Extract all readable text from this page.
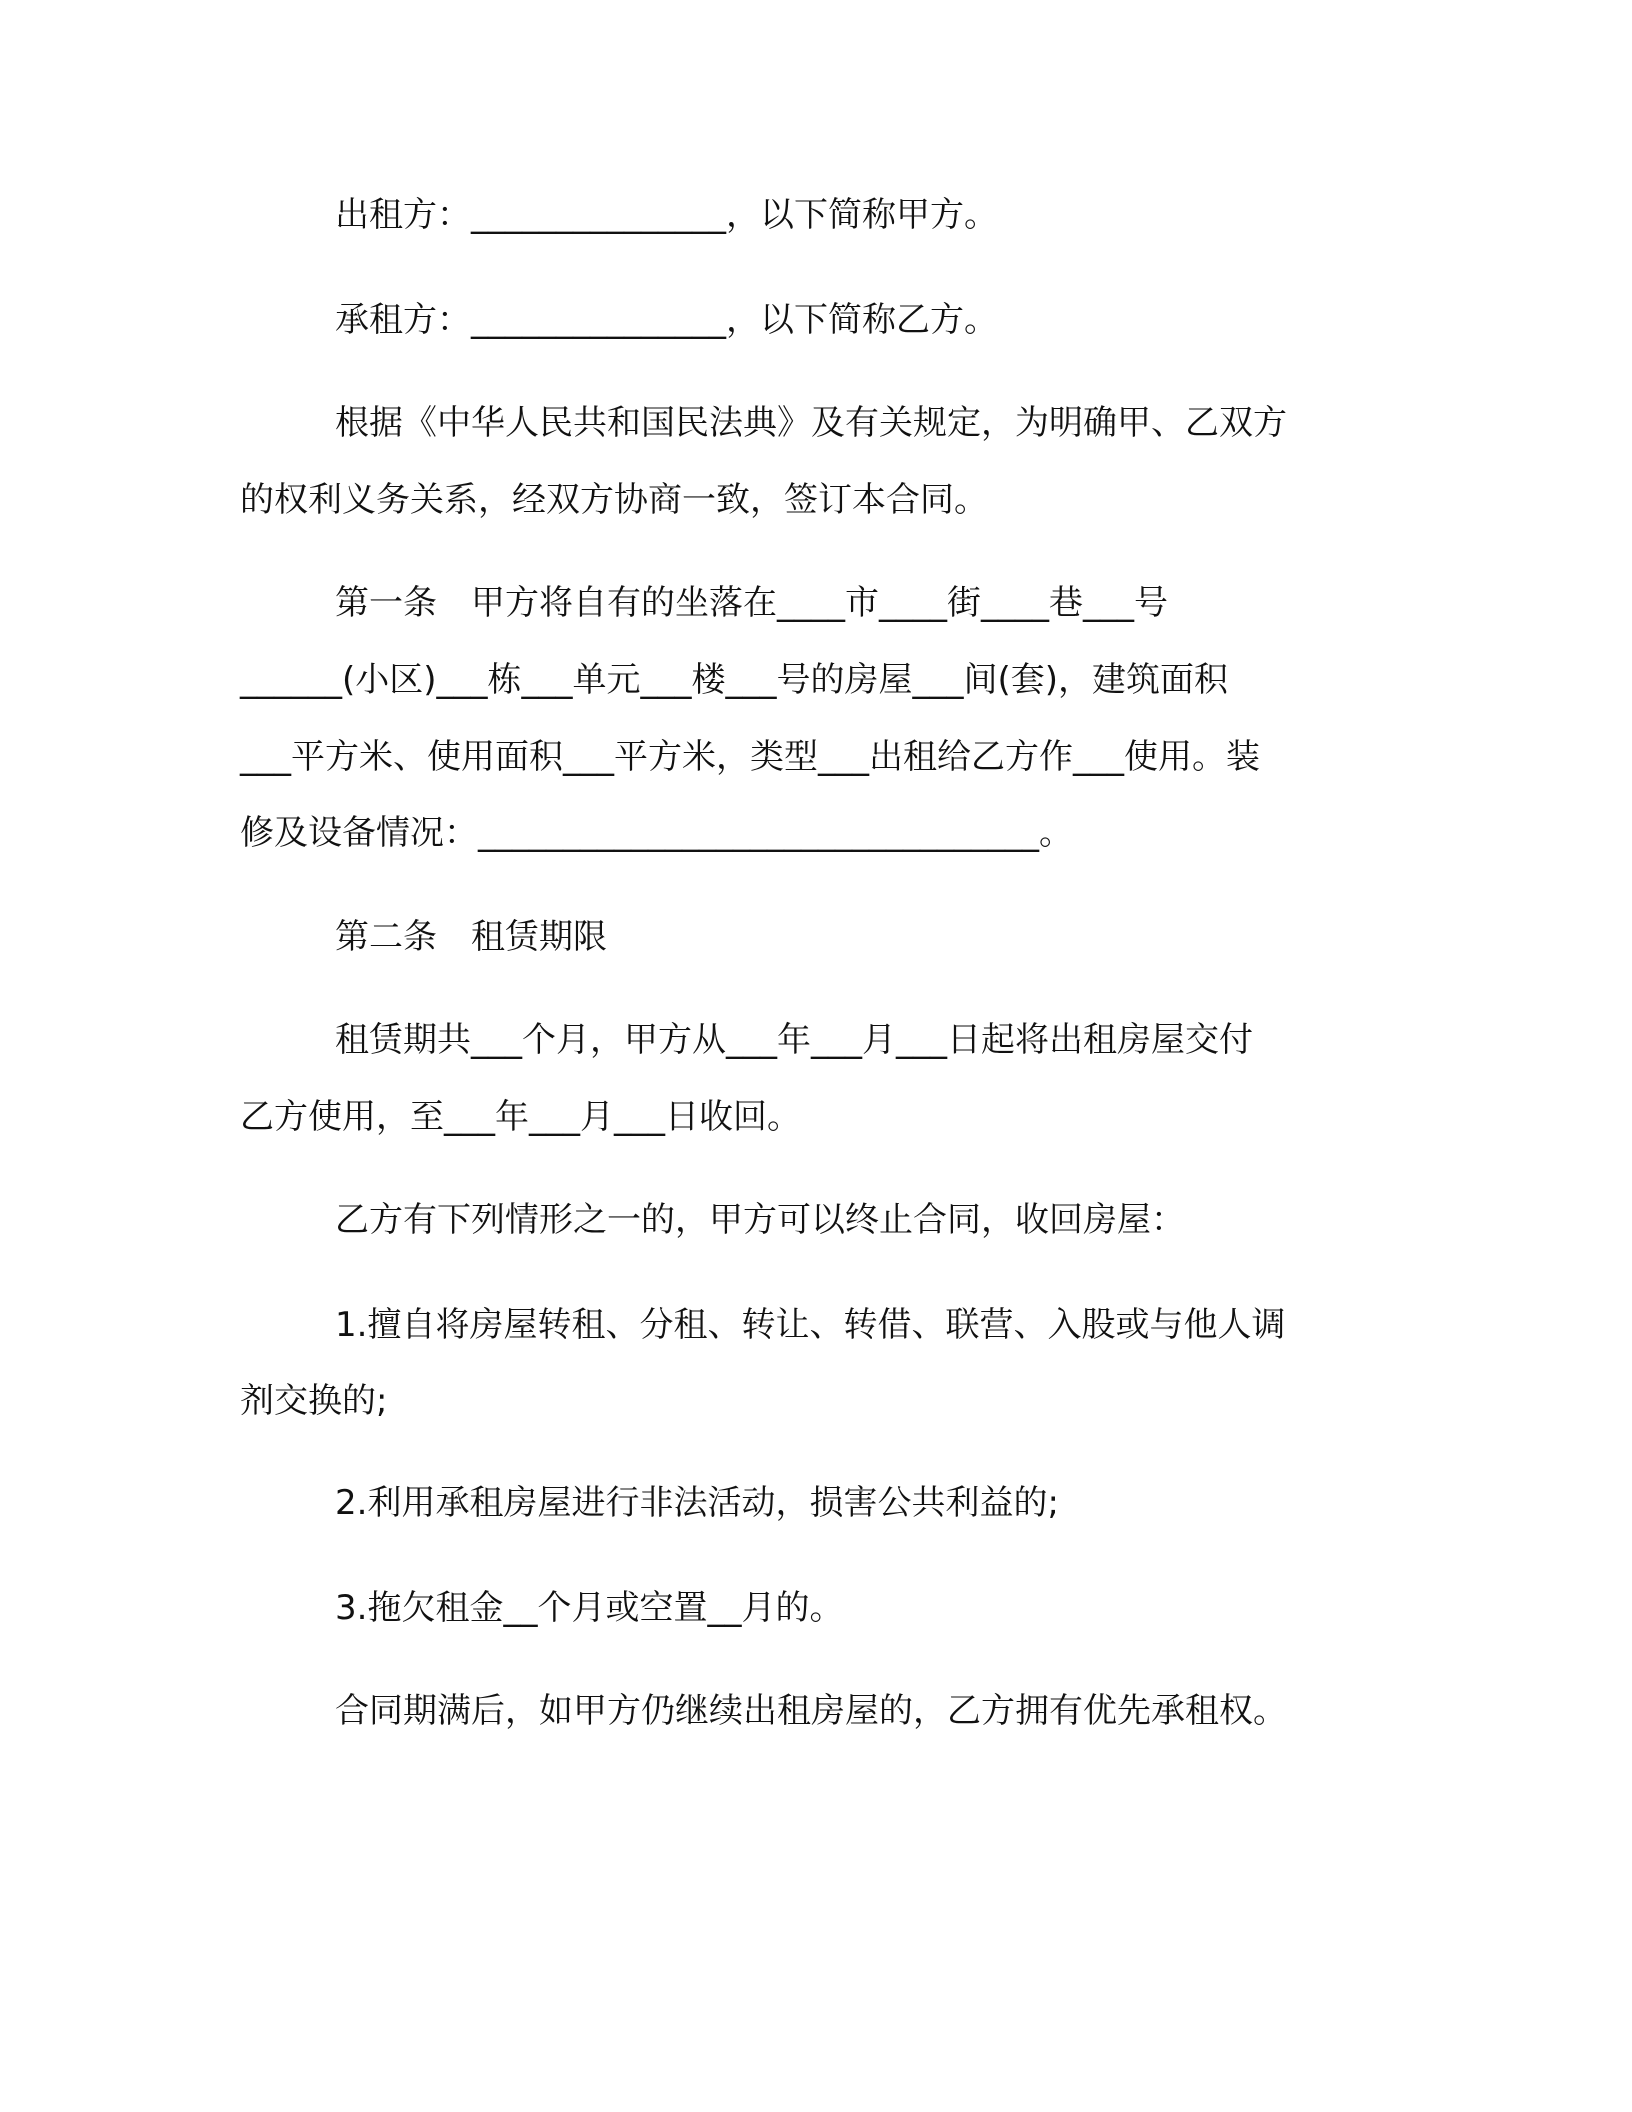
出租方：_______________，以下简称甲方。
承租方：_______________，以下简称乙方。
根据《中华人民共和国民法典》及有关规定，为明确甲、乙双方
的权利义务关系，经双方协商一致，签订本合同。
第一条　甲方将自有的坐落在____市____街____巷___号
______(小区)___栋___单元___楼___号的房屋___间(套)，建筑面积
___平方米、使用面积___平方米，类型___出租给乙方作___使用。装
修及设备情况：_________________________________。
第二条　租赁期限
租赁期共___个月，甲方从___年___月___日起将出租房屋交付
乙方使用，至___年___月___日收回。
乙方有下列情形之一的，甲方可以终止合同，收回房屋：
1.擅自将房屋转租、分租、转让、转借、联营、入股或与他人调
剂交换的;
2.利用承租房屋进行非法活动，损害公共利益的;
3.拖欠租金__个月或空置__月的。
合同期满后，如甲方仍继续出租房屋的，乙方拥有优先承租权。
